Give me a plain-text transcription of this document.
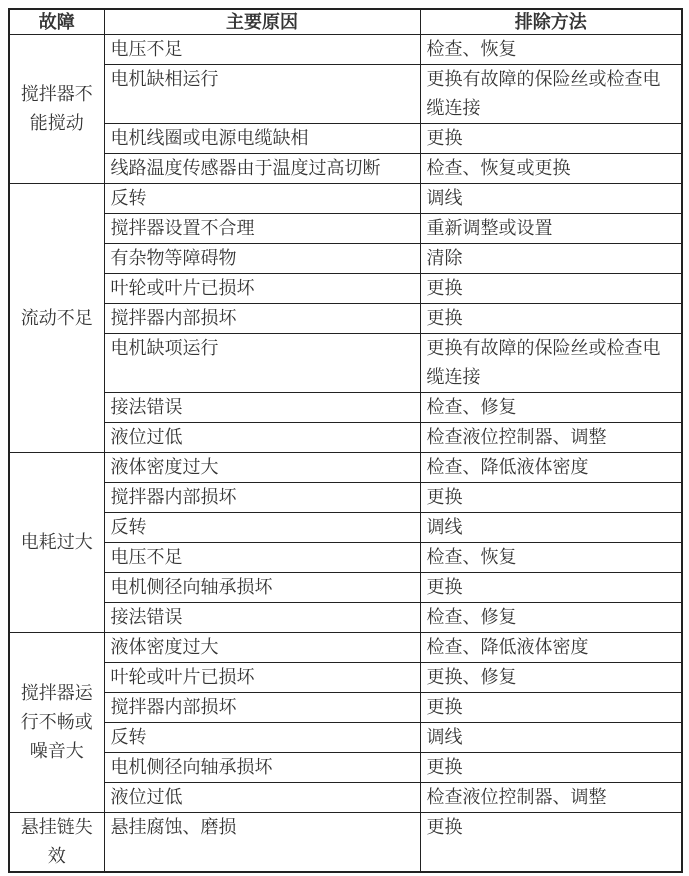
故障	主要原因	排除方法
搅拌器不能搅动	电压不足	检查、恢复
	电机缺相运行	更换有故障的保险丝或检查电缆连接
	电机线圈或电源电缆缺相	更换
	线路温度传感器由于温度过高切断	检查、恢复或更换
流动不足	反转	调线
	搅拌器设置不合理	重新调整或设置
	有杂物等障碍物	清除
	叶轮或叶片已损坏	更换
	搅拌器内部损坏	更换
	电机缺项运行	更换有故障的保险丝或检查电缆连接
	接法错误	检查、修复
	液位过低	检查液位控制器、调整
电耗过大	液体密度过大	检查、降低液体密度
	搅拌器内部损坏	更换
	反转	调线
	电压不足	检查、恢复
	电机侧径向轴承损坏	更换
	接法错误	检查、修复
搅拌器运行不畅或噪音大	液体密度过大	检查、降低液体密度
	叶轮或叶片已损坏	更换、修复
	搅拌器内部损坏	更换
	反转	调线
	电机侧径向轴承损坏	更换
	液位过低	检查液位控制器、调整
悬挂链失效	悬挂腐蚀、磨损	更换
